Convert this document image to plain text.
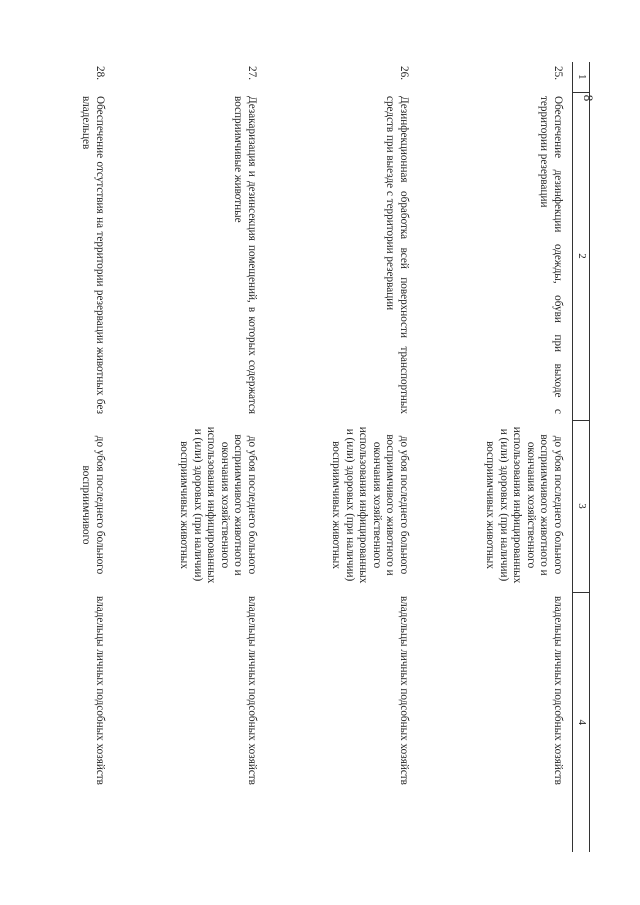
8
1	2	3	4
25.	Обеспечение дезинфекции одежды, обуви при выходе с территории резервации	до убоя последнего больного восприимчивого животного и окончания хозяйственного использования инфицированных и (или) здоровых (при наличии) восприимчивых животных	владельцы личных подсобных хозяйств
26.	Дезинфекционная обработка всей поверхности транспортных средств при выезде с территории резервации	до убоя последнего больного восприимчивого животного и окончания хозяйственного использования инфицированных и (или) здоровых (при наличии) восприимчивых животных	владельцы личных подсобных хозяйств
27.	Дезакаризация и дезинсекция помещений, в которых содержатся восприимчивые животные	до убоя последнего больного восприимчивого животного и окончания хозяйственного использования инфицированных и (или) здоровых (при наличии) восприимчивых животных	владельцы личных подсобных хозяйств
28.	Обеспечение отсутствия на территории резервации животных без владельцев	до убоя последнего больного восприимчивого	владельцы личных подсобных хозяйств
